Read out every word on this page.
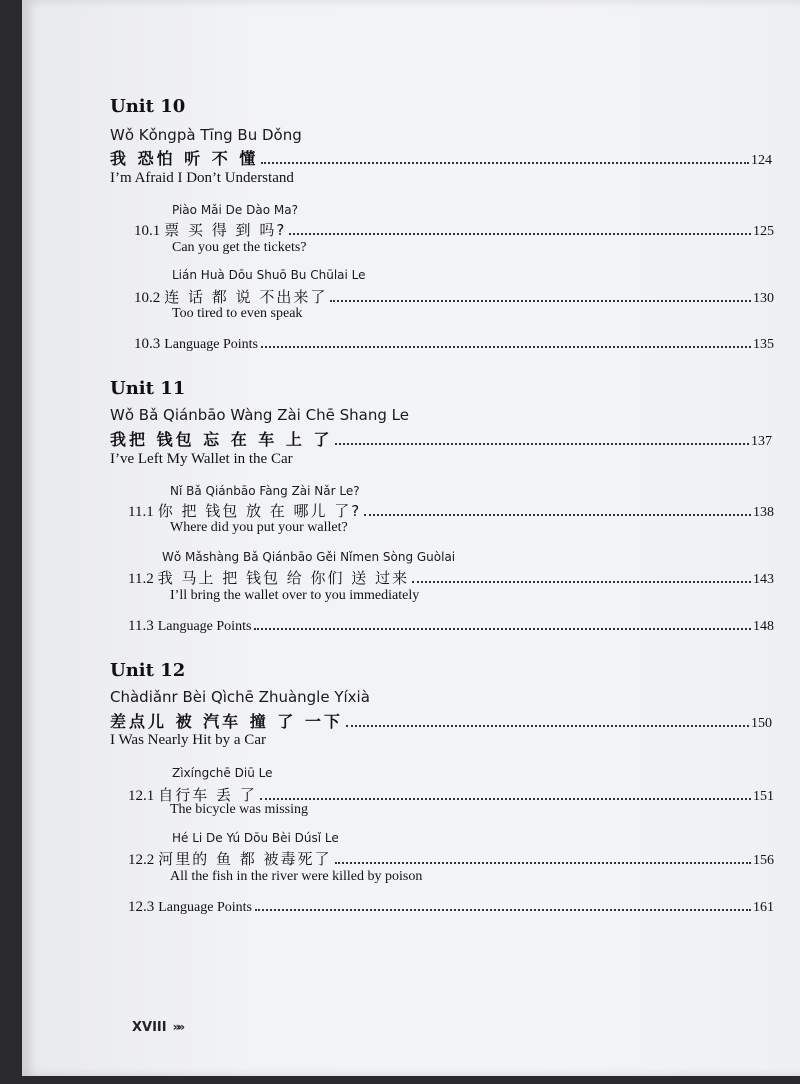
Unit 10
Wǒ Kǒngpà Tīng Bu Dǒng
我 恐怕 听 不 懂	124
I’m Afraid I Don’t Understand
Piào Mǎi De Dào Ma?
10.1 票 买 得 到 吗?	125
Can you get the tickets?
Lián Huà Dōu Shuō Bu Chūlai Le
10.2 连 话 都 说 不出来了	130
Too tired to even speak
10.3 Language Points	135
Unit 11
Wǒ Bǎ Qiánbāo Wàng Zài Chē Shang Le
我把 钱包 忘 在 车 上 了	137
I’ve Left My Wallet in the Car
Nǐ Bǎ Qiánbāo Fàng Zài Nǎr Le?
11.1 你 把 钱包 放 在 哪儿 了?	138
Where did you put your wallet?
Wǒ Mǎshàng Bǎ Qiánbāo Gěi Nǐmen Sòng Guòlai
11.2 我 马上 把 钱包 给 你们 送 过来	143
I’ll bring the wallet over to you immediately
11.3 Language Points	148
Unit 12
Chàdiǎnr Bèi Qìchē Zhuàngle Yíxià
差点儿 被 汽车 撞 了 一下	150
I Was Nearly Hit by a Car
Zìxíngchē Diū Le
12.1 自行车 丢 了	151
The bicycle was missing
Hé Li De Yú Dōu Bèi Dúsǐ Le
12.2 河里的 鱼 都 被毒死了	156
All the fish in the river were killed by poison
12.3 Language Points	161
XVIII »»
